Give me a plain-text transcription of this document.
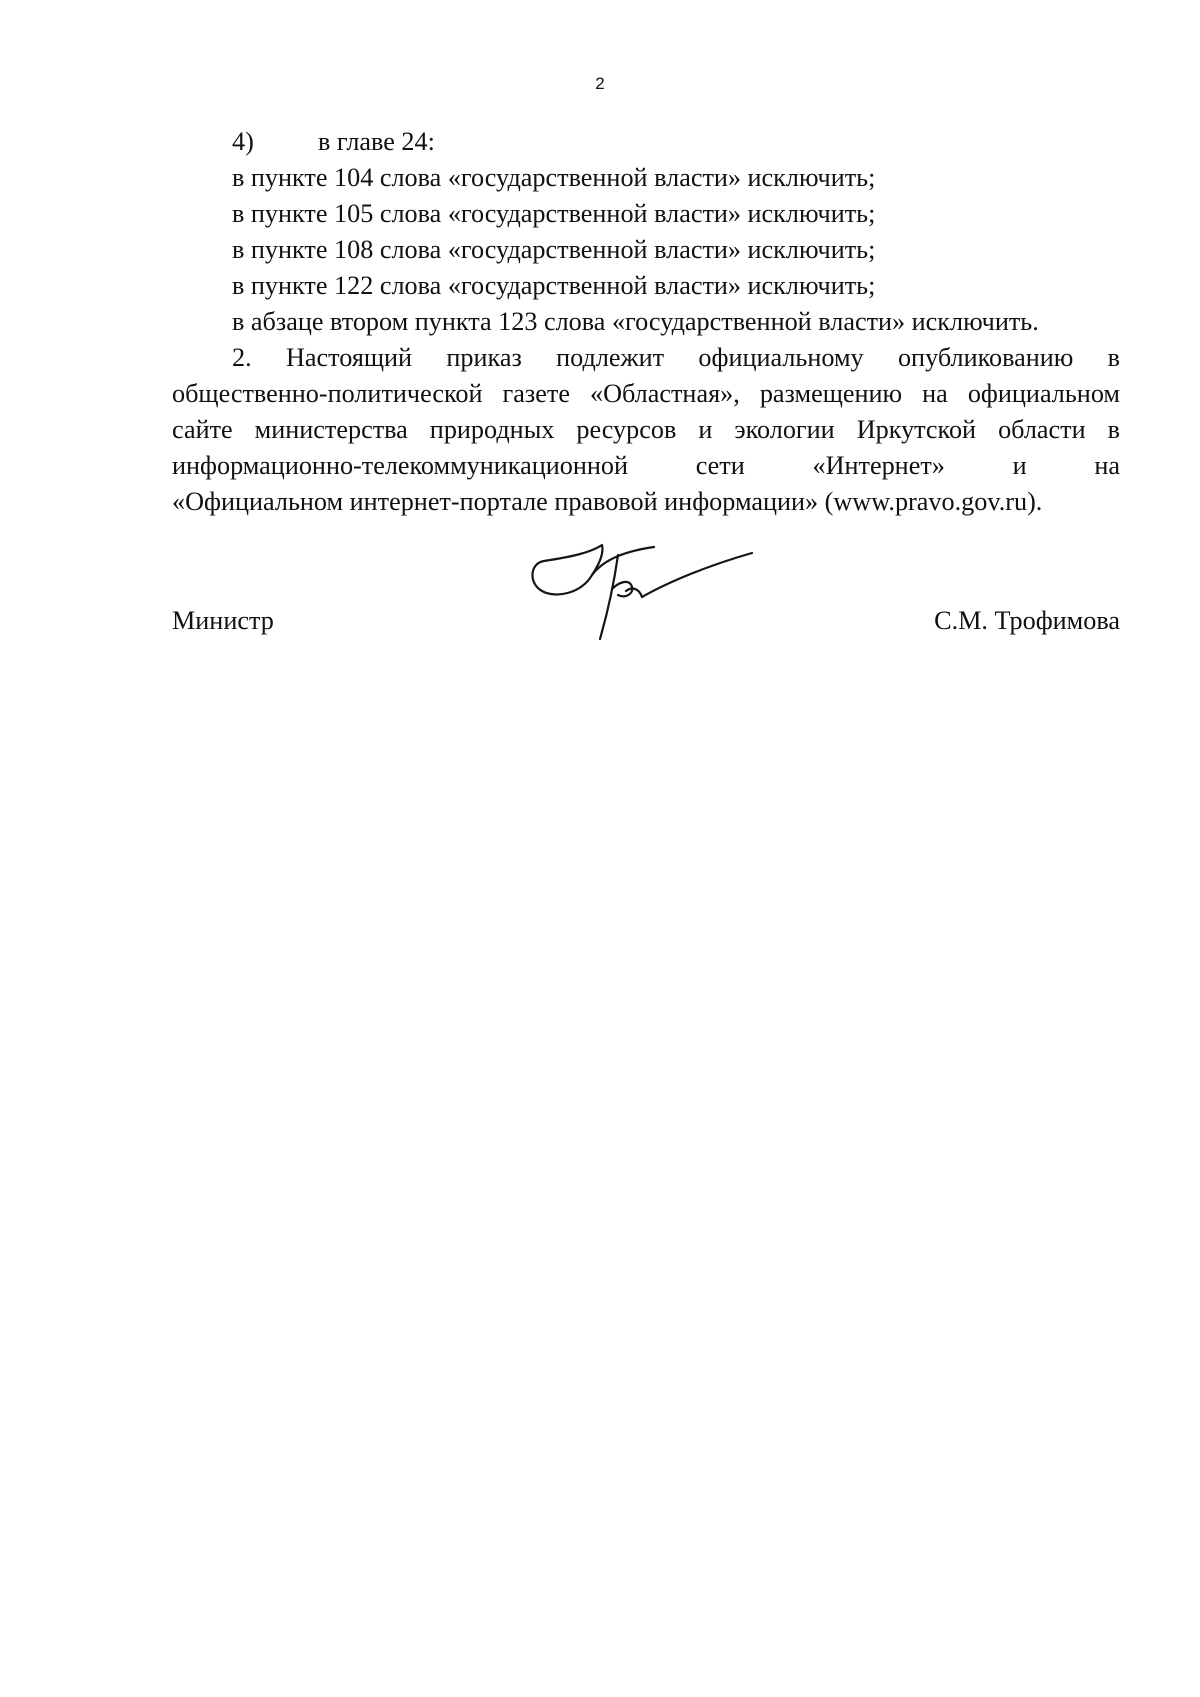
2
4) в главе 24:
в пункте 104 слова «государственной власти» исключить;
в пункте 105 слова «государственной власти» исключить;
в пункте 108 слова «государственной власти» исключить;
в пункте 122 слова «государственной власти» исключить;
в абзаце втором пункта 123 слова «государственной власти» исключить.
2. Настоящий приказ подлежит официальному опубликованию в
общественно-политической газете «Областная», размещению на официальном
сайте министерства природных ресурсов и экологии Иркутской области в
информационно-телекоммуникационной сети «Интернет» и на
«Официальном интернет-портале правовой информации» (www.pravo.gov.ru).
Министр	С.М. Трофимова
